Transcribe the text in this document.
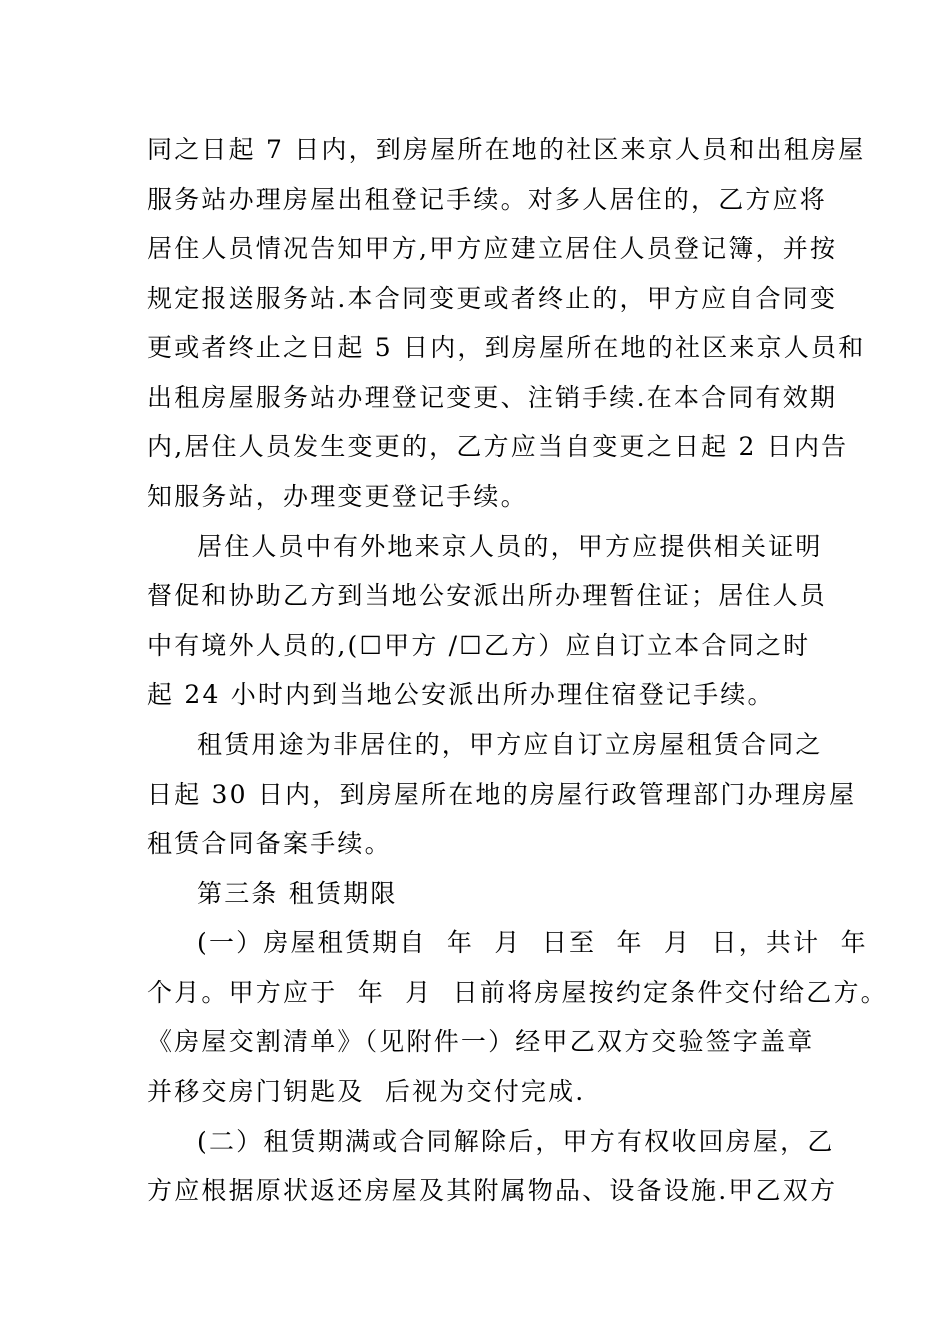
同之日起 7 日内，到房屋所在地的社区来京人员和出租房屋
服务站办理房屋出租登记手续。对多人居住的，乙方应将
居住人员情况告知甲方,甲方应建立居住人员登记簿，并按
规定报送服务站.本合同变更或者终止的，甲方应自合同变
更或者终止之日起 5 日内，到房屋所在地的社区来京人员和
出租房屋服务站办理登记变更、注销手续.在本合同有效期
内,居住人员发生变更的，乙方应当自变更之日起 2 日内告
知服务站，办理变更登记手续。
居住人员中有外地来京人员的，甲方应提供相关证明
督促和协助乙方到当地公安派出所办理暂住证；居住人员
中有境外人员的,(☐甲方 /☐乙方）应自订立本合同之时
起 24 小时内到当地公安派出所办理住宿登记手续。
租赁用途为非居住的，甲方应自订立房屋租赁合同之
日起 30 日内，到房屋所在地的房屋行政管理部门办理房屋
租赁合同备案手续。
第三条 租赁期限
(一）房屋租赁期自  年  月  日至  年  月  日，共计  年
个月。甲方应于  年  月  日前将房屋按约定条件交付给乙方。
《房屋交割清单》（见附件一）经甲乙双方交验签字盖章
并移交房门钥匙及  后视为交付完成.
(二）租赁期满或合同解除后，甲方有权收回房屋，乙
方应根据原状返还房屋及其附属物品、设备设施.甲乙双方
